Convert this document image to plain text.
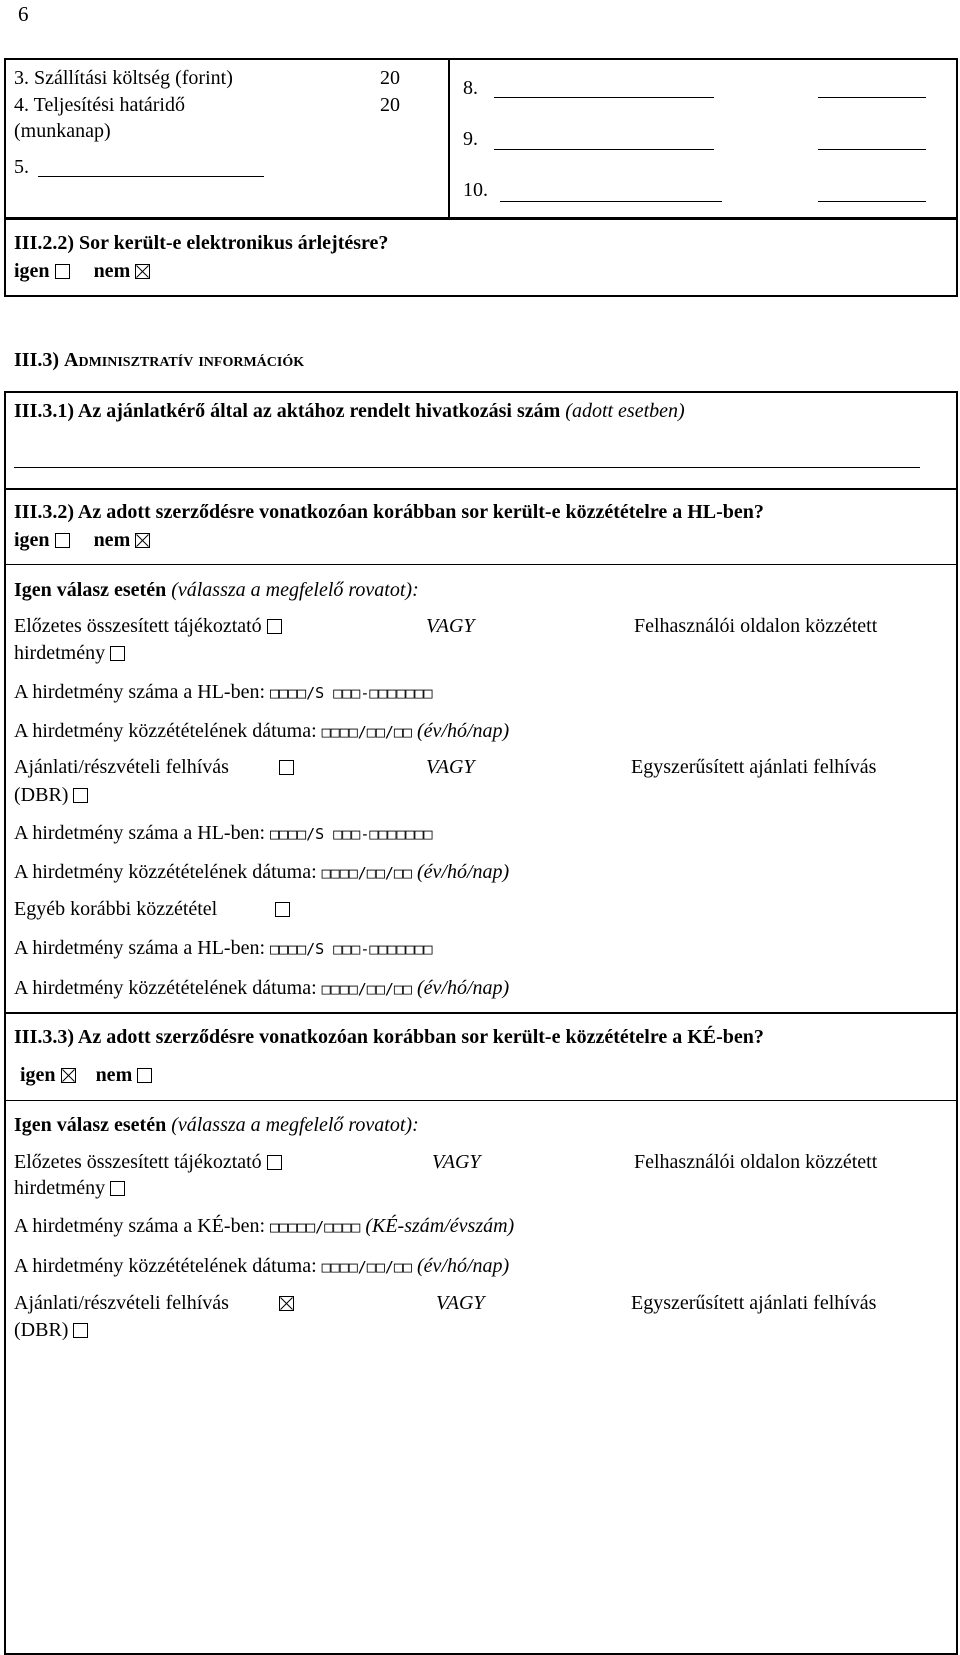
6
3. Szállítási költség (forint)	20
4. Teljesítési határidő	20
(munkanap)
5.
8.
9.
10.
III.2.2) Sor került-e elektronikus árlejtésre?
igen nem
III.3) Adminisztratív információk
III.3.1) Az ajánlatkérő által az aktához rendelt hivatkozási szám (adott esetben)
III.3.2) Az adott szerződésre vonatkozóan korábban sor került-e közzétételre a HL-ben?
igen nem
Igen válasz esetén (válassza a megfelelő rovatot):
Előzetes összesített tájékoztató	VAGY	Felhasználói oldalon közzétett
hirdetmény
A hirdetmény száma a HL-ben: □□□□/S □□□-□□□□□□□
A hirdetmény közzétételének dátuma: □□□□/□□/□□ (év/hó/nap)
Ajánlati/részvételi felhívás	VAGY	Egyszerűsített ajánlati felhívás
(DBR)
A hirdetmény száma a HL-ben: □□□□/S □□□-□□□□□□□
A hirdetmény közzétételének dátuma: □□□□/□□/□□ (év/hó/nap)
Egyéb korábbi közzététel
A hirdetmény száma a HL-ben: □□□□/S □□□-□□□□□□□
A hirdetmény közzétételének dátuma: □□□□/□□/□□ (év/hó/nap)
III.3.3) Az adott szerződésre vonatkozóan korábban sor került-e közzétételre a KÉ-ben?
igen nem
Igen válasz esetén (válassza a megfelelő rovatot):
Előzetes összesített tájékoztató	VAGY	Felhasználói oldalon közzétett
hirdetmény
A hirdetmény száma a KÉ-ben: □□□□□/□□□□ (KÉ-szám/évszám)
A hirdetmény közzétételének dátuma: □□□□/□□/□□ (év/hó/nap)
Ajánlati/részvételi felhívás	VAGY	Egyszerűsített ajánlati felhívás
(DBR)
